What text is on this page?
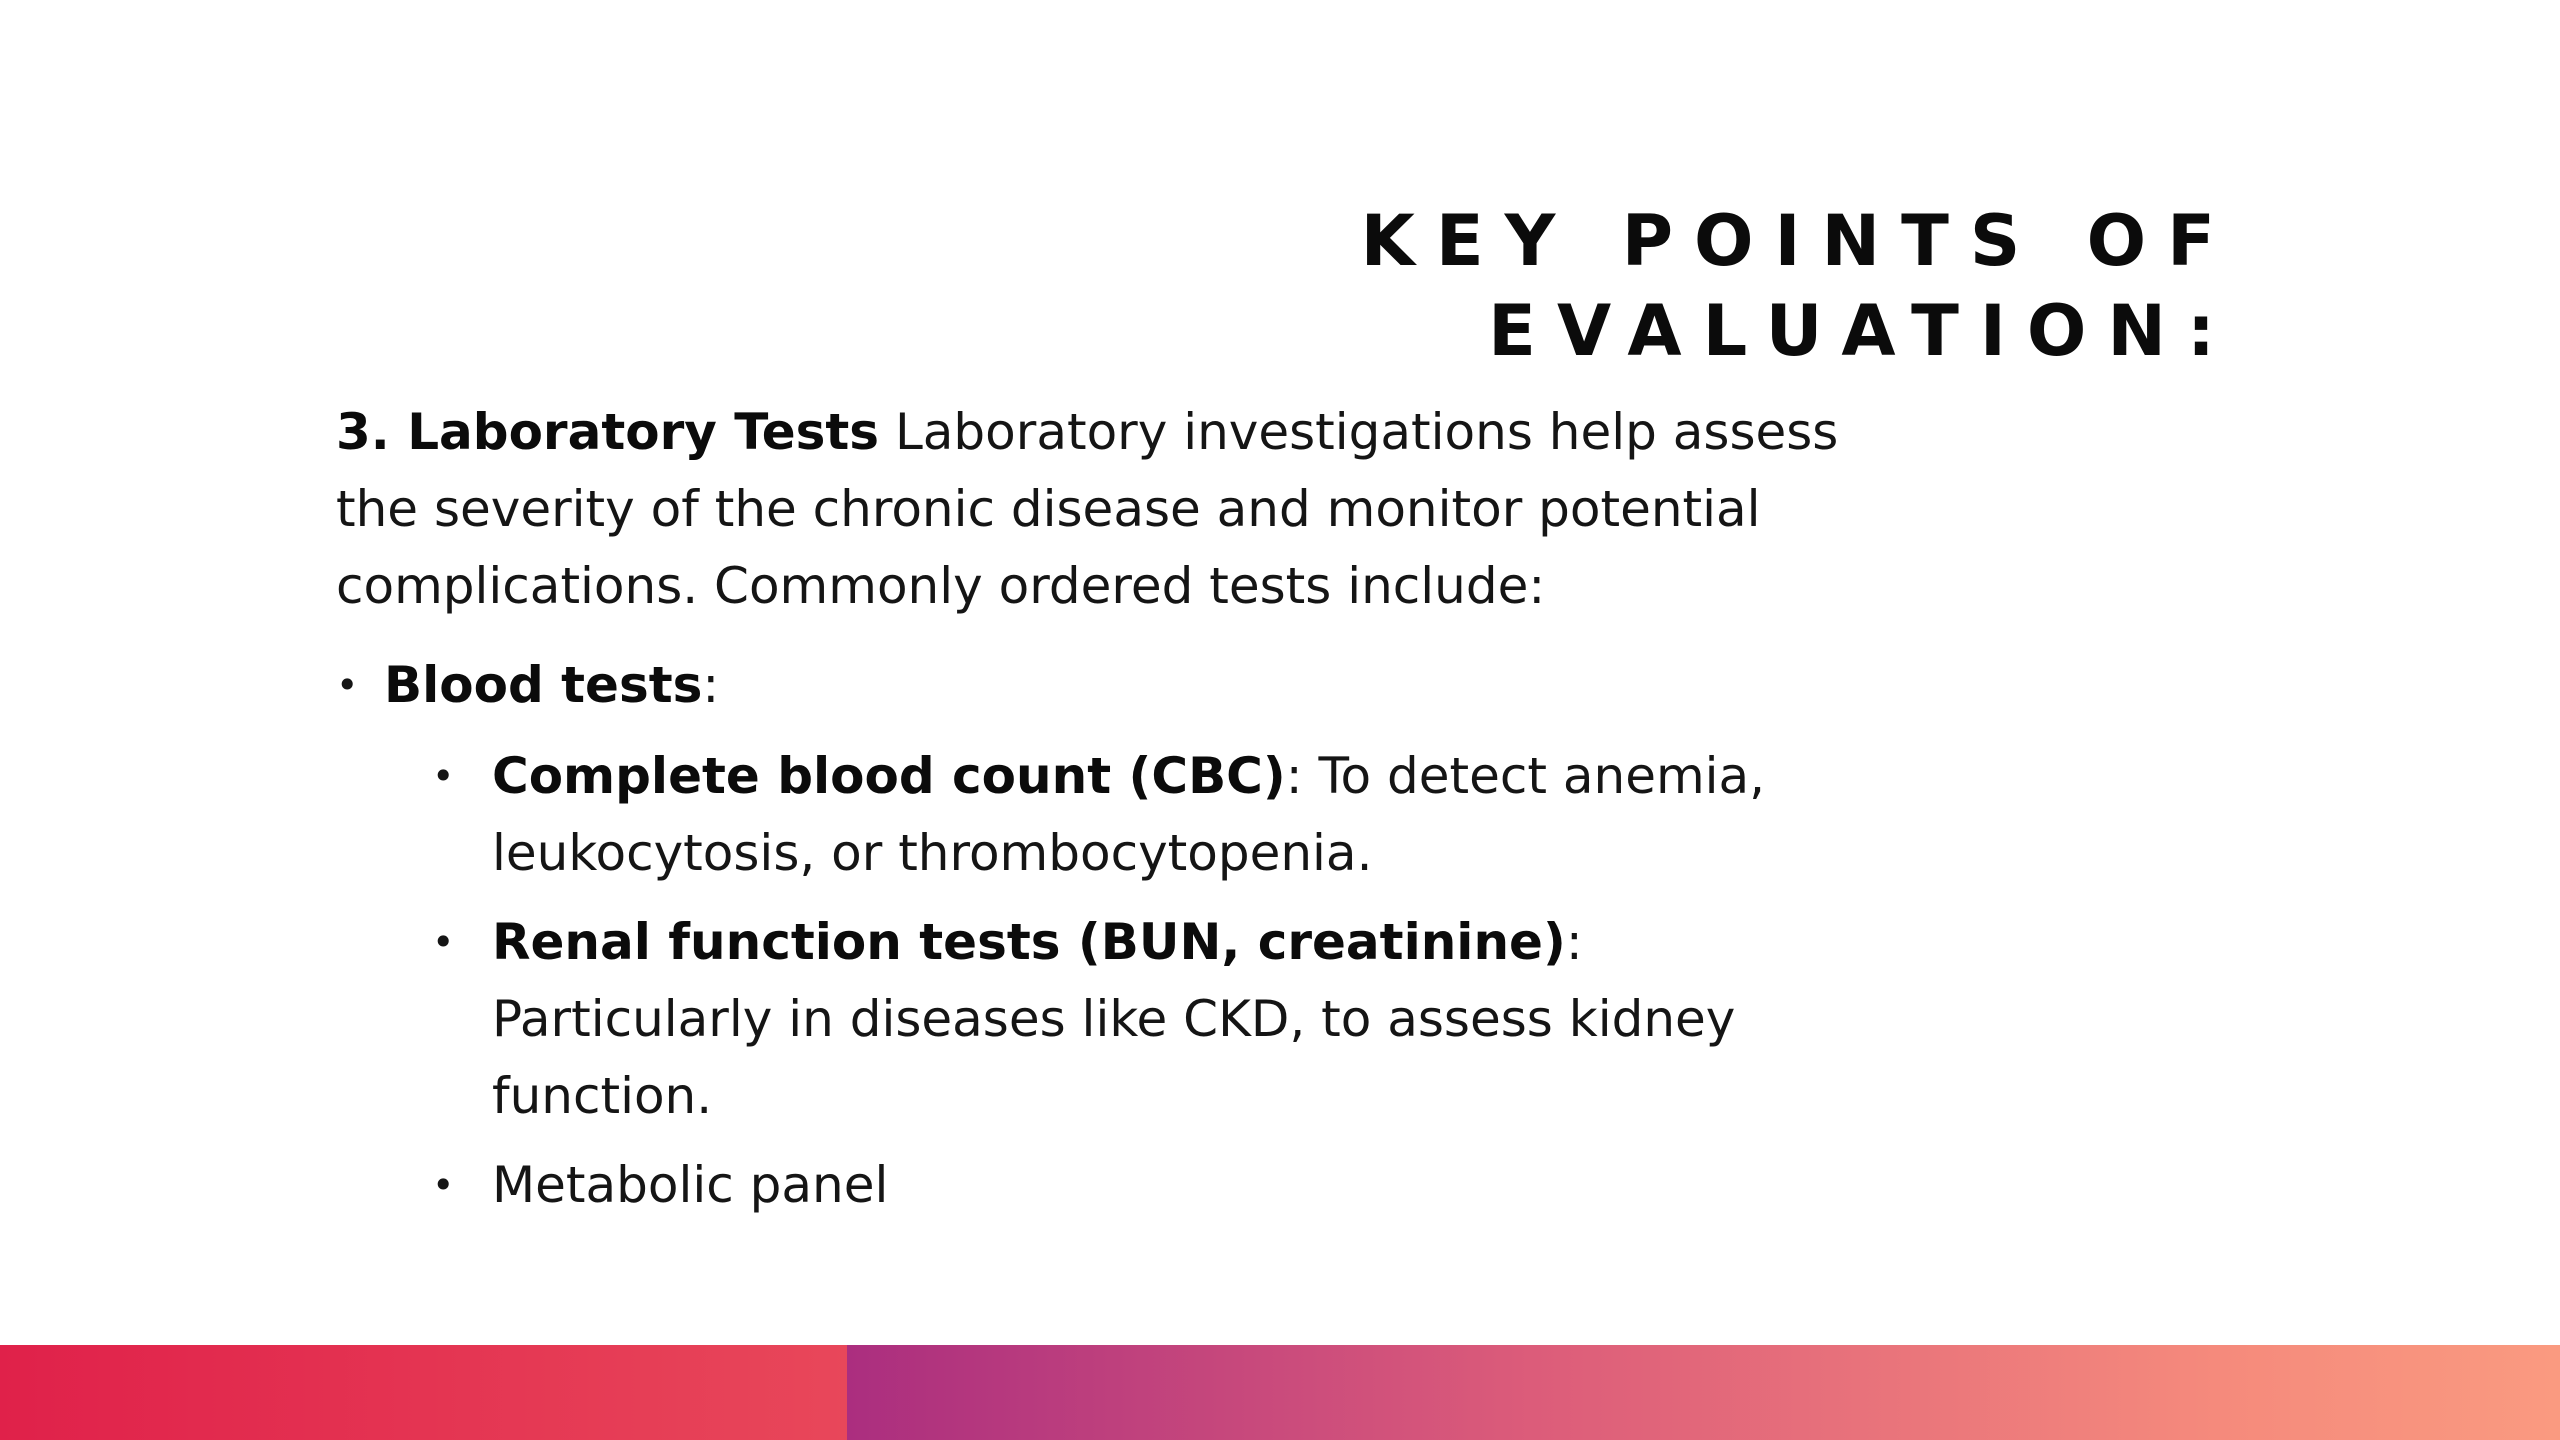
KEY POINTS OF
EVALUATION:

3. Laboratory Tests Laboratory investigations help assess the severity of the chronic disease and monitor potential complications. Commonly ordered tests include:

• Blood tests:
• Complete blood count (CBC): To detect anemia, leukocytosis, or thrombocytopenia.
• Renal function tests (BUN, creatinine): Particularly in diseases like CKD, to assess kidney function.
• Metabolic panel
